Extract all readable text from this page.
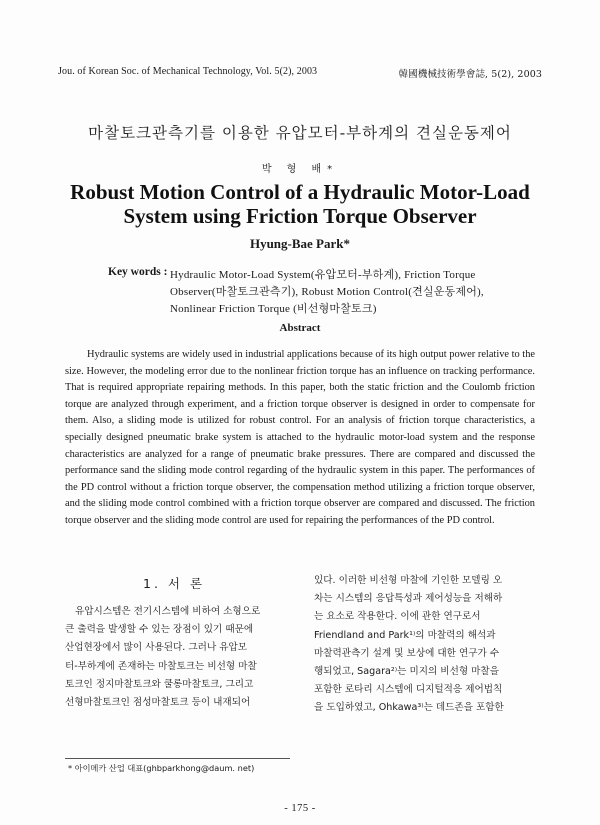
Jou. of Korean Soc. of Mechanical Technology, Vol. 5(2), 2003	韓國機械技術學會誌, 5(2), 2003
마찰토크관측기를 이용한 유압모터-부하계의 견실운동제어
박 형 배*
Robust Motion Control of a Hydraulic Motor-Load
System using Friction Torque Observer
Hyung-Bae Park*
Key words : Hydraulic Motor-Load System(유압모터-부하계), Friction Torque
Observer(마찰토크관측기), Robust Motion Control(견실운동제어),
Nonlinear Friction Torque (비선형마찰토크)
Abstract

Hydraulic systems are widely used in industrial applications because of its high output power relative to the size. However, the modeling error due to the nonlinear friction torque has an influence on tracking performance. That is required appropriate repairing methods. In this paper, both the static friction and the Coulomb friction torque are analyzed through experiment, and a friction torque observer is designed in order to compensate for them. Also, a sliding mode is utilized for robust control. For an analysis of friction torque characteristics, a specially designed pneumatic brake system is attached to the hydraulic motor-load system and the response characteristics are analyzed for a range of pneumatic brake pressures. There are compared and discussed the performance sand the sliding mode control regarding of the hydraulic system in this paper. The performances of the PD control without a friction torque observer, the compensation method utilizing a friction torque observer, and the sliding mode control combined with a friction torque observer are compared and discussed. The friction torque observer and the sliding mode control are used for repairing the performances of the PD control.

1. 서 론
유압시스템은 전기시스템에 비하여 소형으로
큰 출력을 발생할 수 있는 장점이 있기 때문에
산업현장에서 많이 사용된다. 그러나 유압모
터-부하계에 존재하는 마찰토크는 비선형 마찰
토크인 정지마찰토크와 쿨롱마찰토크, 그리고
선형마찰토크인 점성마찰토크 등이 내재되어
있다. 이러한 비선형 마찰에 기인한 모델링 오
차는 시스템의 응답특성과 제어성능을 저해하
는 요소로 작용한다. 이에 관한 연구로서
Friendland and Park¹⁾의 마찰력의 해석과
마찰력관측기 설계 및 보상에 대한 연구가 수
행되었고, Sagara²⁾는 미지의 비선형 마찰을
포함한 로타리 시스템에 디지털적응 제어법칙
을 도입하였고, Ohkawa³⁾는 데드존을 포함한
* 아이메카 산업 대표(ghbparkhong@daum. net)
- 175 -
